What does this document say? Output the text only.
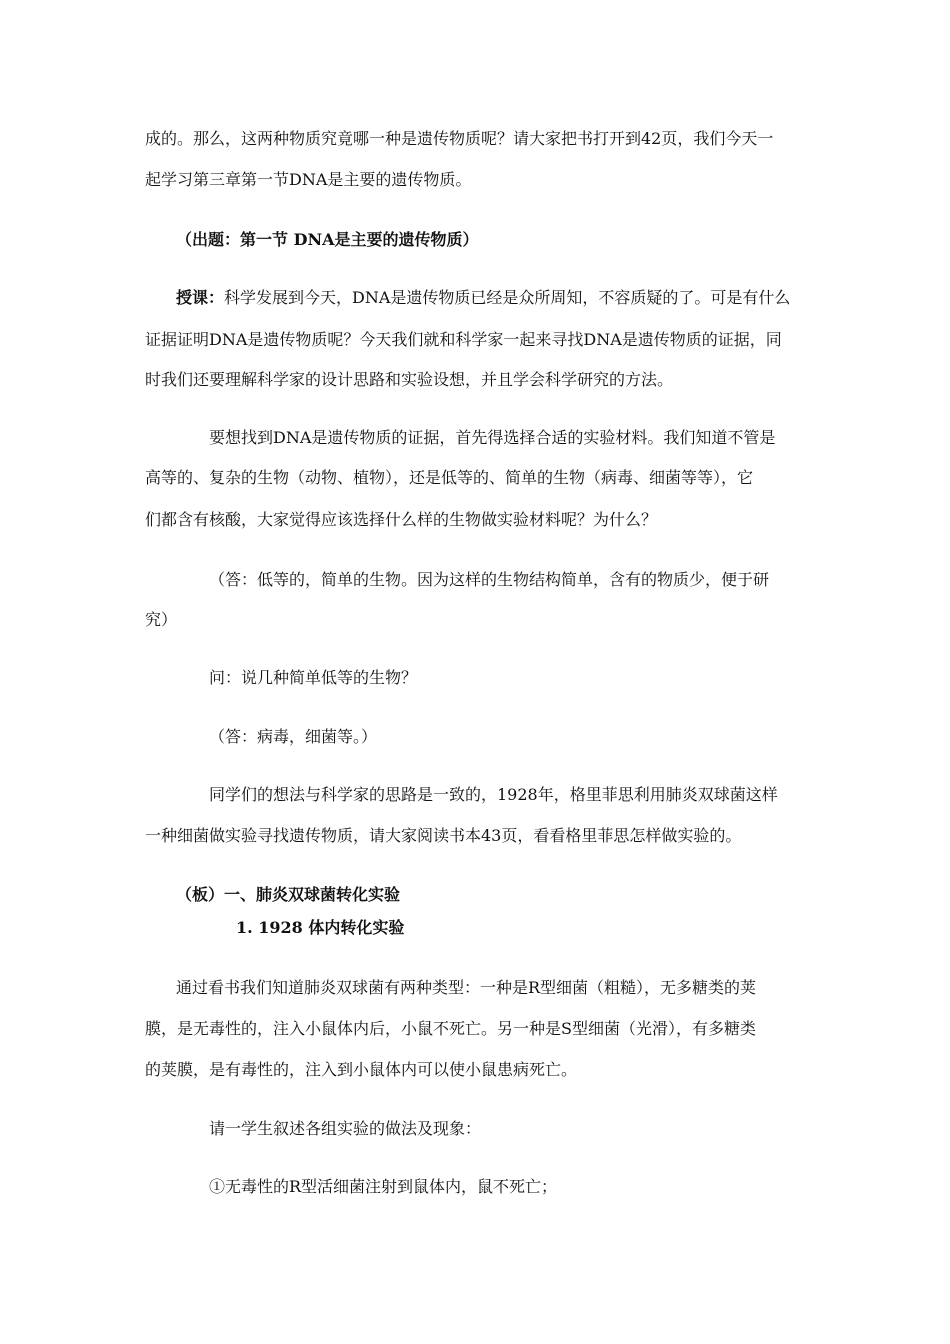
成的。那么，这两种物质究竟哪一种是遗传物质呢？请大家把书打开到42页，我们今天一
起学习第三章第一节DNA是主要的遗传物质。
（出题：第一节 DNA是主要的遗传物质）
授课：科学发展到今天，DNA是遗传物质已经是众所周知，不容质疑的了。可是有什么
证据证明DNA是遗传物质呢？今天我们就和科学家一起来寻找DNA是遗传物质的证据，同
时我们还要理解科学家的设计思路和实验设想，并且学会科学研究的方法。
要想找到DNA是遗传物质的证据，首先得选择合适的实验材料。我们知道不管是
高等的、复杂的生物（动物、植物），还是低等的、简单的生物（病毒、细菌等等），它
们都含有核酸，大家觉得应该选择什么样的生物做实验材料呢？为什么？
（答：低等的，简单的生物。因为这样的生物结构简单，含有的物质少，便于研
究）
问：说几种简单低等的生物？
（答：病毒，细菌等。）
同学们的想法与科学家的思路是一致的，1928年，格里菲思利用肺炎双球菌这样
一种细菌做实验寻找遗传物质，请大家阅读书本43页，看看格里菲思怎样做实验的。
（板）一、肺炎双球菌转化实验
1. 1928 体内转化实验
通过看书我们知道肺炎双球菌有两种类型：一种是R型细菌（粗糙），无多糖类的荚
膜，是无毒性的，注入小鼠体内后，小鼠不死亡。另一种是S型细菌（光滑），有多糖类
的荚膜，是有毒性的，注入到小鼠体内可以使小鼠患病死亡。
请一学生叙述各组实验的做法及现象：
①无毒性的R型活细菌注射到鼠体内，鼠不死亡；
